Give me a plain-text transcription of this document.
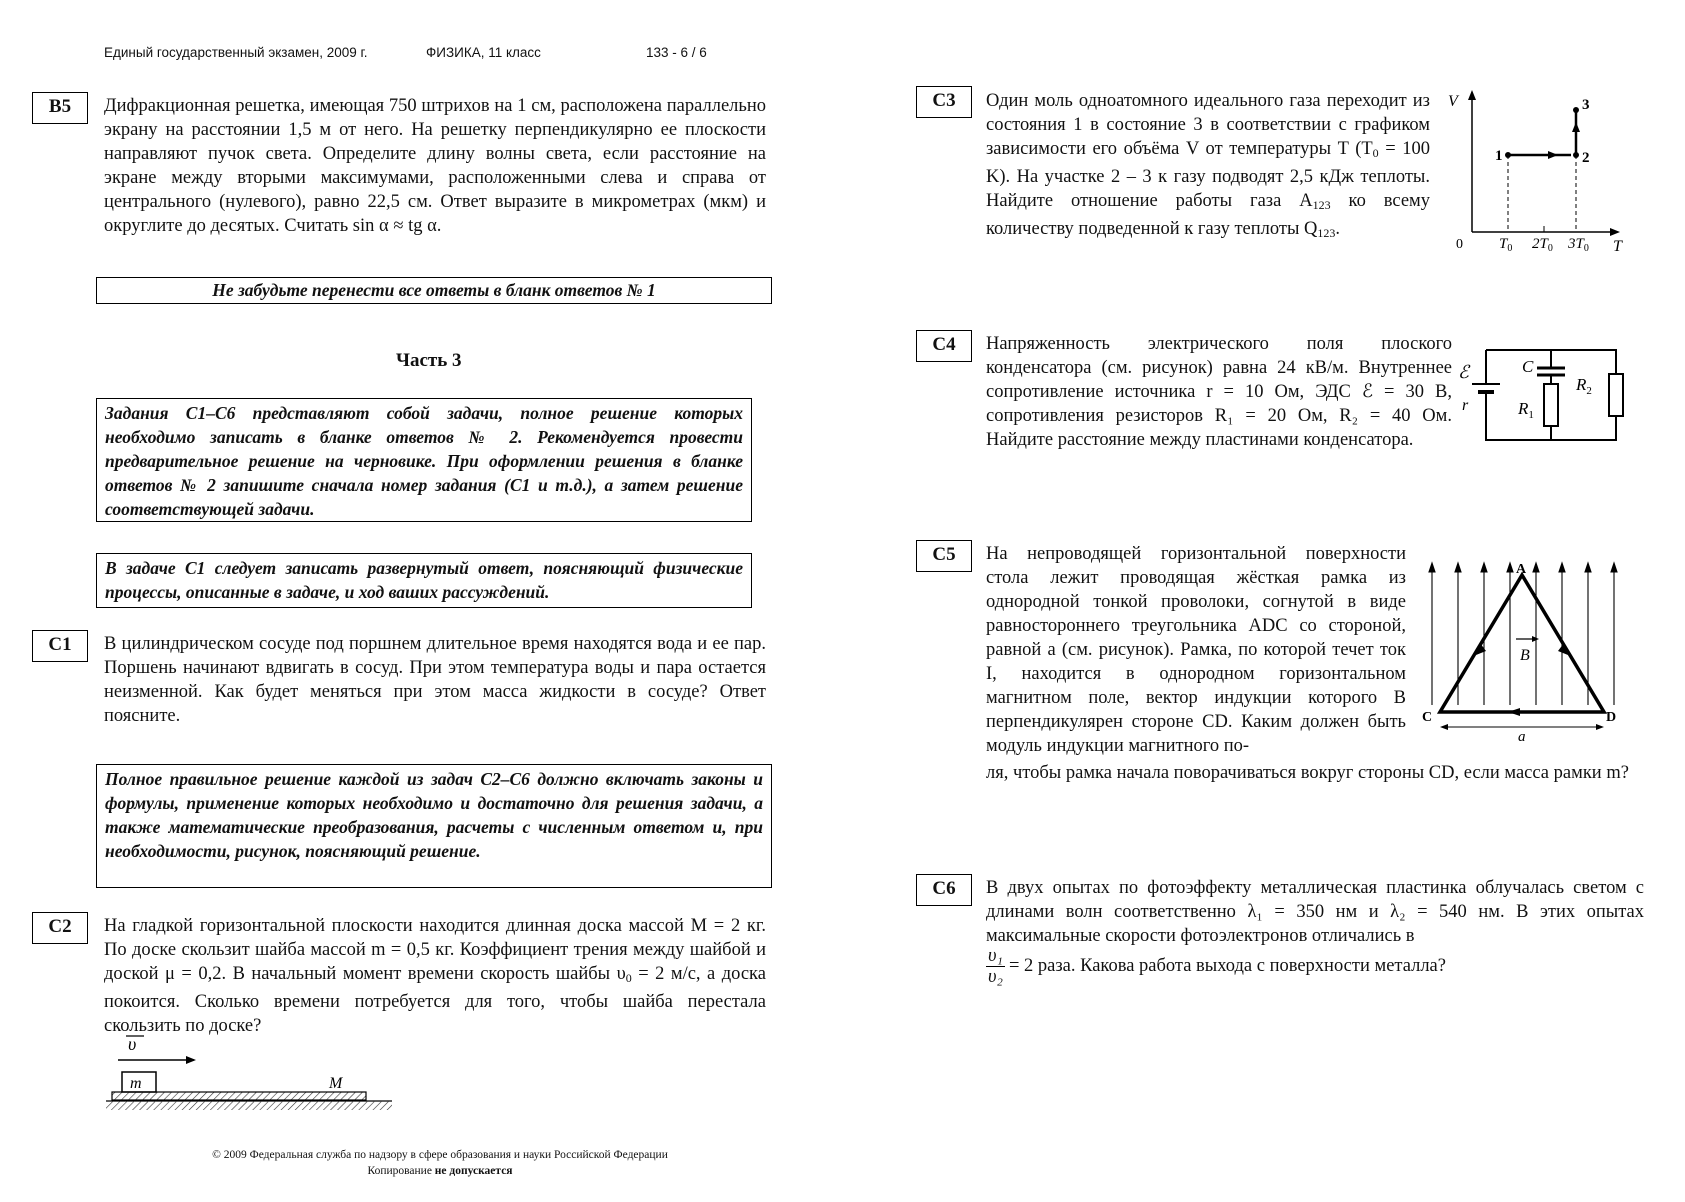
Единый государственный экзамен, 2009 г.	ФИЗИКА, 11 класс	133 - 6 / 6
B5	Дифракционная решетка, имеющая 750 штрихов на 1 см, расположена параллельно экрану на расстоянии 1,5 м от него. На решетку перпендикулярно ее плоскости направляют пучок света. Определите длину волны света, если расстояние на экране между вторыми максимумами, расположенными слева и справа от центрального (нулевого), равно 22,5 см. Ответ выразите в микрометрах (мкм) и округлите до десятых. Считать sin α ≈ tg α.
Не забудьте перенести все ответы в бланк ответов № 1
Часть 3
Задания С1–С6 представляют собой задачи, полное решение которых необходимо записать в бланке ответов № 2. Рекомендуется провести предварительное решение на черновике. При оформлении решения в бланке ответов № 2 запишите сначала номер задания (С1 и т.д.), а затем решение соответствующей задачи.
В задаче С1 следует записать развернутый ответ, поясняющий физические процессы, описанные в задаче, и ход ваших рассуждений.
C1	В цилиндрическом сосуде под поршнем длительное время находятся вода и ее пар. Поршень начинают вдвигать в сосуд. При этом температура воды и пара остается неизменной. Как будет меняться при этом масса жидкости в сосуде? Ответ поясните.
Полное правильное решение каждой из задач С2–С6 должно включать законы и формулы, применение которых необходимо и достаточно для решения задачи, а также математические преобразования, расчеты с численным ответом и, при необходимости, рисунок, поясняющий решение.
C2	На гладкой горизонтальной плоскости находится длинная доска массой M = 2 кг. По доске скользит шайба массой m = 0,5 кг. Коэффициент трения между шайбой и доской μ = 0,2. В начальный момент времени скорость шайбы $\upsilon_0 = 2$ м/с, а доска покоится. Сколько времени потребуется для того, чтобы шайба перестала скользить по доске?
υ
m	M
© 2009 Федеральная служба по надзору в сфере образования и науки Российской Федерации
Копирование не допускается
C3	Один моль одноатомного идеального газа переходит из состояния 1 в состояние 3 в соответствии с графиком зависимости его объёма V от температуры T ($T_0 = 100$ K). На участке 2 – 3 к газу подводят 2,5 кДж теплоты. Найдите отношение работы газа $A_{123}$ ко всему количеству подведенной к газу теплоты $Q_{123}$.
V
T
0
1	2
3
$T_0$ $2T_0$ $3T_0$
C4	Напряженность электрического поля плоского конденсатора (см. рисунок) равна 24 кВ/м. Внутреннее сопротивление источника r = 10 Ом, ЭДС ℰ = 30 В, сопротивления резисторов R₁ = 20 Ом, R₂ = 40 Ом. Найдите расстояние между пластинами конденсатора.
ℰ
r
C
$R_1$
$R_2$
C5	На непроводящей горизонтальной поверхности стола лежит проводящая жёсткая рамка из однородной тонкой проволоки, согнутой в виде равностороннего треугольника ADC со стороной, равной a (см. рисунок). Рамка, по которой течет ток I, находится в однородном горизонтальном магнитном поле, вектор индукции которого B перпендикулярен стороне CD. Каким должен быть модуль индукции магнитного по-
ля, чтобы рамка начала поворачиваться вокруг стороны CD, если масса рамки m?
B
A
C	D
a
C6	В двух опытах по фотоэффекту металлическая пластинка облучалась светом с длинами волн соответственно λ₁ = 350 нм и λ₂ = 540 нм. В этих опытах максимальные скорости фотоэлектронов отличались в
$\frac{\text{υ₁}}{\text{υ₂}} = 2$ раза. Какова работа выхода с поверхности металла?
